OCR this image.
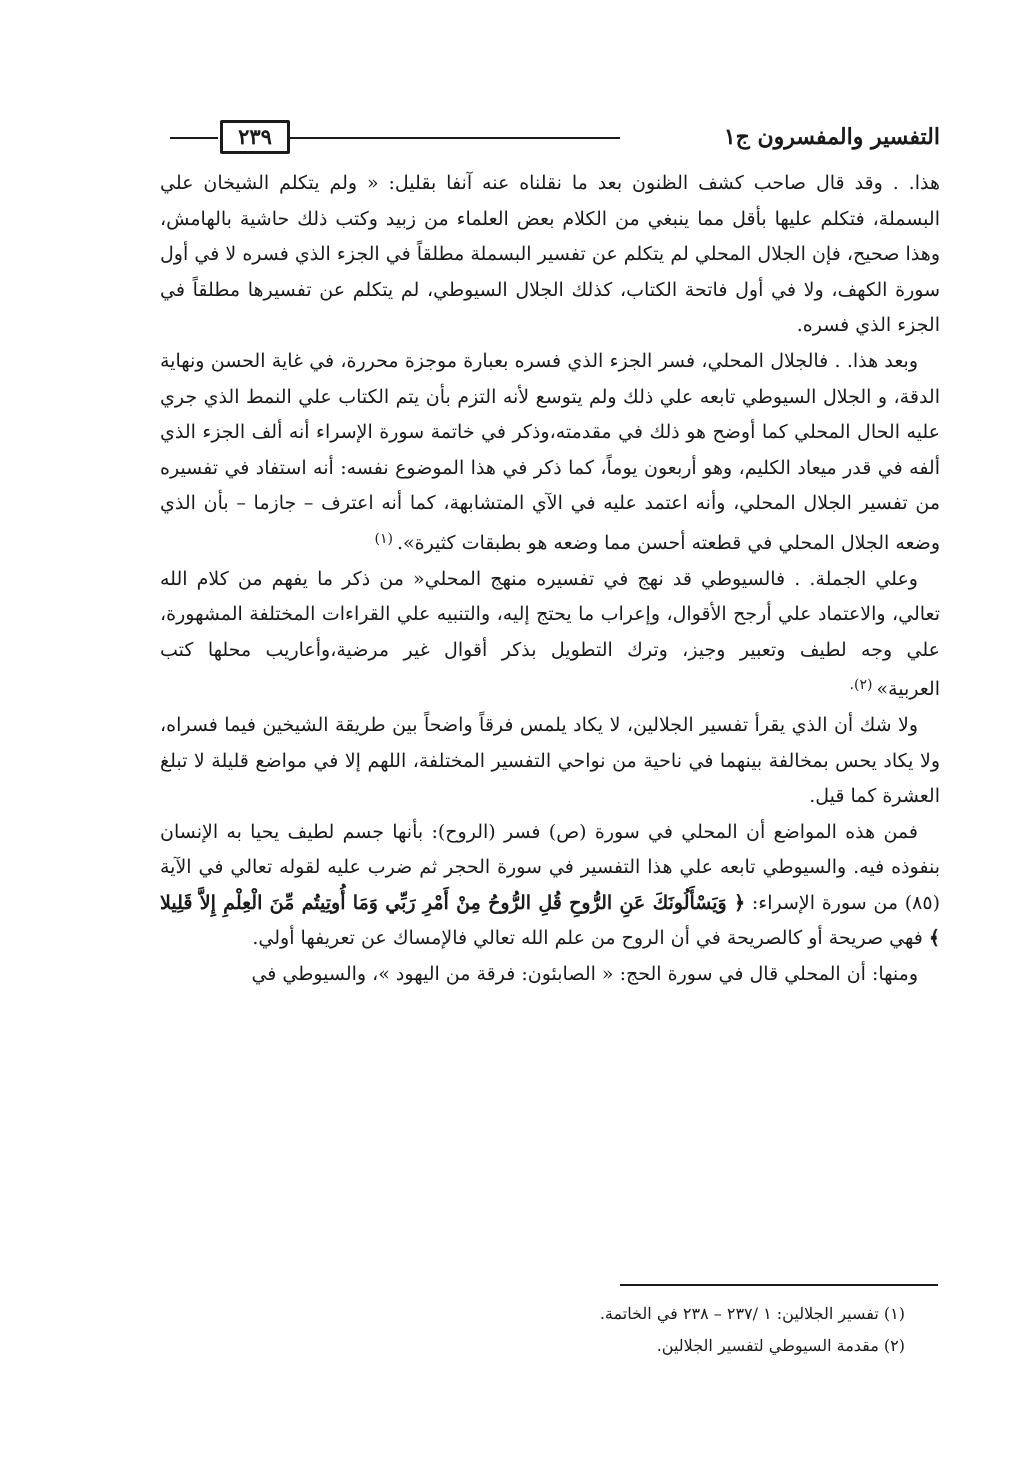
التفسير والمفسرون ج١
٢٣٩

هذا. . وقد قال صاحب كشف الظنون بعد ما نقلناه عنه آنفا بقليل: « ولم يتكلم الشيخان علي البسملة، فتكلم عليها بأقل مما ينبغي من الكلام بعض العلماء من زبيد وكتب ذلك حاشية بالهامش، وهذا صحيح، فإن الجلال المحلي لم يتكلم عن تفسير البسملة مطلقاً في الجزء الذي فسره لا في أول سورة الكهف، ولا في أول فاتحة الكتاب، كذلك الجلال السيوطي، لم يتكلم عن تفسيرها مطلقاً في الجزء الذي فسره.

وبعد هذا. . فالجلال المحلي، فسر الجزء الذي فسره بعبارة موجزة محررة، في غاية الحسن ونهاية الدقة، و الجلال السيوطي تابعه علي ذلك ولم يتوسع لأنه التزم بأن يتم الكتاب علي النمط الذي جري عليه الحال المحلي كما أوضح هو ذلك في مقدمته،وذكر في خاتمة سورة الإسراء أنه ألف الجزء الذي ألفه في قدر ميعاد الكليم، وهو أربعون يوماً، كما ذكر في هذا الموضوع نفسه: أنه استفاد في تفسيره من تفسير الجلال المحلي، وأنه اعتمد عليه في الآي المتشابهة، كما أنه اعترف – جازما – بأن الذي وضعه الجلال المحلي في قطعته أحسن مما وضعه هو بطبقات كثيرة».$^{(١)}$

وعلي الجملة. . فالسيوطي قد نهج في تفسيره منهج المحلي« من ذكر ما يفهم من كلام الله تعالي، والاعتماد علي أرجح الأقوال، وإعراب ما يحتج إليه، والتنبيه علي القراءات المختلفة المشهورة، علي وجه لطيف وتعبير وجيز، وترك التطويل بذكر أقوال غير مرضية،وأعاريب محلها كتب العربية»$^{(٢).}$

ولا شك أن الذي يقرأ تفسير الجلالين، لا يكاد يلمس فرقاً واضحاً بين طريقة الشيخين فيما فسراه، ولا يكاد يحس بمخالفة بينهما في ناحية من نواحي التفسير المختلفة، اللهم إلا في مواضع قليلة لا تبلغ العشرة كما قيل.

فمن هذه المواضع أن المحلي في سورة (ص) فسر (الروح): بأنها جسم لطيف يحيا به الإنسان بنفوذه فيه. والسيوطي تابعه علي هذا التفسير في سورة الحجر ثم ضرب عليه لقوله تعالي في الآية (٨٥) من سورة الإسراء: ﴿ وَيَسْأَلُونَكَ عَنِ الرُّوحِ قُلِ الرُّوحُ مِنْ أَمْرِ رَبِّي وَمَا أُوتِيتُم مِّنَ الْعِلْمِ إِلاَّ قَلِيلا ﴾ فهي صريحة أو كالصريحة في أن الروح من علم الله تعالي فالإمساك عن تعريفها أولي.

ومنها: أن المحلي قال في سورة الحج: « الصابئون: فرقة من اليهود »، والسيوطي في

(١) تفسير الجلالين: ١ /٢٣٧ – ٢٣٨ في الخاتمة.

(٢) مقدمة السيوطي لتفسير الجلالين.
